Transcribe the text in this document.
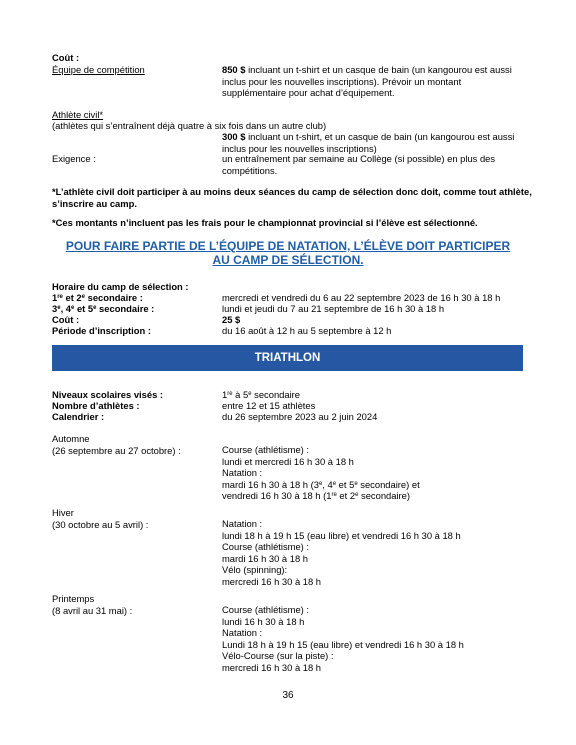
Coût :
Équipe de compétition	850 $ incluant un t-shirt et un casque de bain (un kangourou est aussi
inclus pour les nouvelles inscriptions). Prévoir un montant
supplémentaire pour achat d’équipement.
Athlète civil*
(athlètes qui s’entraînent déjà quatre à six fois dans un autre club)
300 $ incluant un t-shirt, et un casque de bain (un kangourou est aussi
inclus pour les nouvelles inscriptions)
Exigence :	un entraînement par semaine au Collège (si possible) en plus des
compétitions.
*L’athlète civil doit participer à au moins deux séances du camp de sélection donc doit, comme tout athlète,
s’inscrire au camp.
*Ces montants n’incluent pas les frais pour le championnat provincial si l’élève est sélectionné.
POUR FAIRE PARTIE DE L’ÉQUIPE DE NATATION, L’ÉLÈVE DOIT PARTICIPER
AU CAMP DE SÉLECTION.
Horaire du camp de sélection :
1re et 2e secondaire :	mercredi et vendredi du 6 au 22 septembre 2023 de 16 h 30 à 18 h
3e, 4e et 5e secondaire :	lundi et jeudi du 7 au 21 septembre de 16 h 30 à 18 h
Coût :	25 $
Période d’inscription :	du 16 août à 12 h au 5 septembre à 12 h
TRIATHLON
Niveaux scolaires visés :	1re à 5e secondaire
Nombre d’athlètes :	entre 12 et 15 athlètes
Calendrier :	du 26 septembre 2023 au 2 juin 2024
Automne
(26 septembre au 27 octobre) :	Course (athlétisme) :
lundi et mercredi 16 h 30 à 18 h
Natation :
mardi 16 h 30 à 18 h (3e, 4e et 5e secondaire) et
vendredi 16 h 30 à 18 h (1re et 2e secondaire)
Hiver
(30 octobre au 5 avril) :	Natation :
lundi 18 h à 19 h 15 (eau libre) et vendredi 16 h 30 à 18 h
Course (athlétisme) :
mardi 16 h 30 à 18 h
Vélo (spinning):
mercredi 16 h 30 à 18 h
Printemps
(8 avril au 31 mai) :	Course (athlétisme) :
lundi 16 h 30 à 18 h
Natation :
Lundi 18 h à 19 h 15 (eau libre) et vendredi 16 h 30 à 18 h
Vélo-Course (sur la piste) :
mercredi 16 h 30 à 18 h
36
